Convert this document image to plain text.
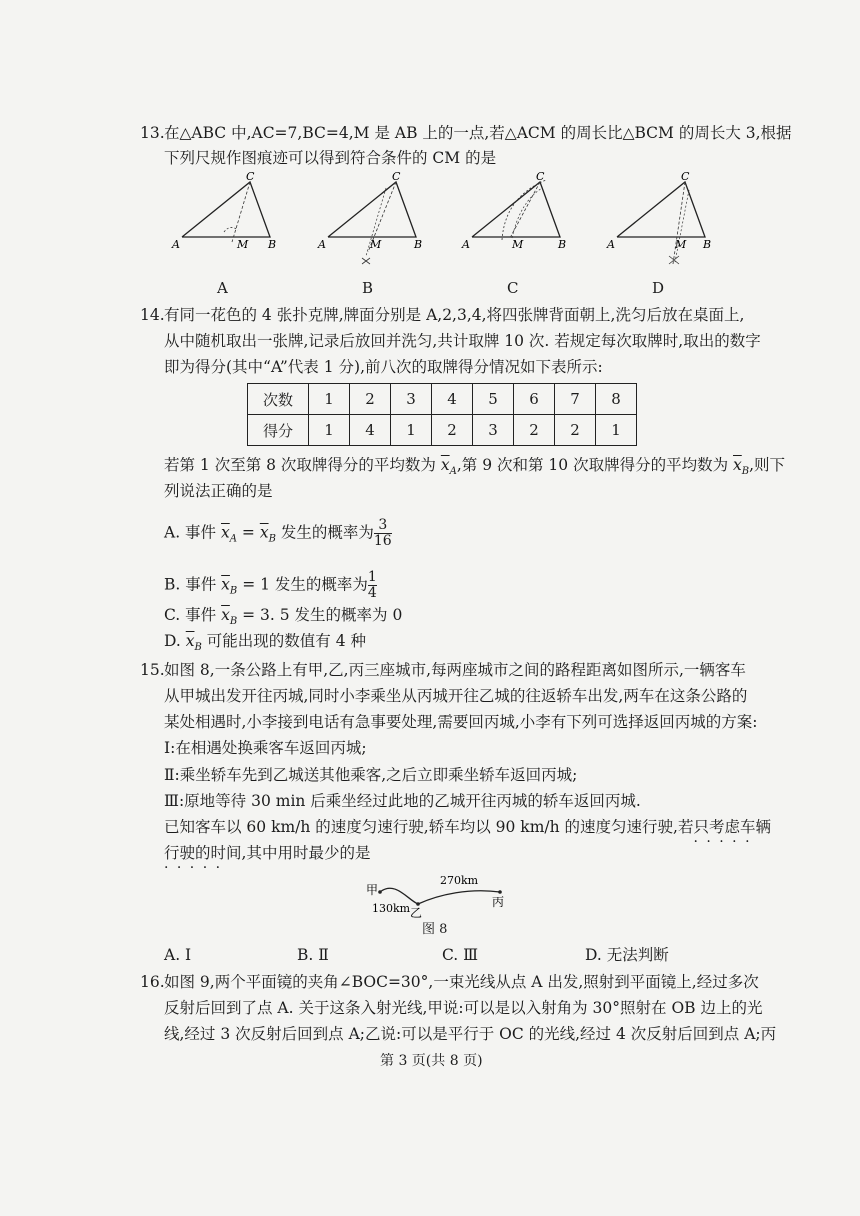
13. 在△ABC 中,AC=7,BC=4,M 是 AB 上的一点,若△ACM 的周长比△BCM 的周长大 3,根据
下列尺规作图痕迹可以得到符合条件的 CM 的是
C
A	M B
A
C
A	M	B
B
C
A	M	B
C
C
A	M B
D
14. 有同一花色的 4 张扑克牌,牌面分别是 A,2,3,4,将四张牌背面朝上,洗匀后放在桌面上,
从中随机取出一张牌,记录后放回并洗匀,共计取牌 10 次. 若规定每次取牌时,取出的数字
即为得分(其中“A”代表 1 分),前八次的取牌得分情况如下表所示:
次数	1	2	3	4	5	6	7	8
得分	1	4	1	2	3	2	2	1
若第 1 次至第 8 次取牌得分的平均数为 $\overline{x}_A$,第 9 次和第 10 次取牌得分的平均数为 $\overline{x}_B$,则下
列说法正确的是
A. 事件 $\overline{x}_A = \overline{x}_B$ 发生的概率为 $\frac{3}{16}$
B. 事件 $\overline{x}_B = 1$ 发生的概率为 $\frac{1}{4}$
C. 事件 $\overline{x}_B = 3$. 5 发生的概率为 0
D. $\overline{x}_B$ 可能出现的数值有 4 种
15. 如图 8,一条公路上有甲,乙,丙三座城市,每两座城市之间的路程距离如图所示,一辆客车
从甲城出发开往丙城,同时小李乘坐从丙城开往乙城的往返轿车出发,两车在这条公路的
某处相遇时,小李接到电话有急事要处理,需要回丙城,小李有下列可选择返回丙城的方案:
Ⅰ:在相遇处换乘客车返回丙城;
Ⅱ:乘坐轿车先到乙城送其他乘客,之后立即乘坐轿车返回丙城;
Ⅲ:原地等待 30 min 后乘坐经过此地的乙城开往丙城的轿车返回丙城.
已知客车以 60 km/h 的速度匀速行驶,轿车均以 90 km/h 的速度匀速行驶,若只考虑车辆 · · ·
行驶的时间 · · ·,其中用时最少的是
甲
乙
丙
130km
270km
图 8
A. Ⅰ	B. Ⅱ	C. Ⅲ	D. 无法判断
16. 如图 9,两个平面镜的夹角∠BOC=30°,一束光线从点 A 出发,照射到平面镜上,经过多次
反射后回到了点 A. 关于这条入射光线,甲说:可以是以入射角为 30°照射在 OB 边上的光
线,经过 3 次反射后回到点 A;乙说:可以是平行于 OC 的光线,经过 4 次反射后回到点 A;丙
第 3 页(共 8 页)
